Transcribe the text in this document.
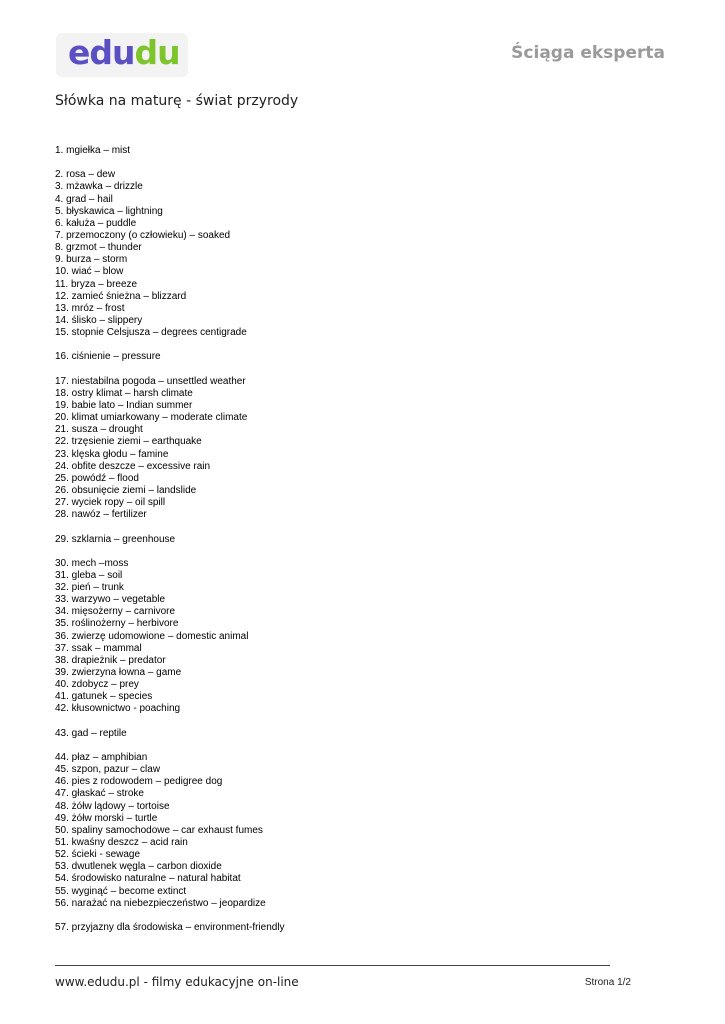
edudu	Ściąga eksperta
Słówka na maturę - świat przyrody
1. mgiełka – mist
2. rosa – dew
3. mżawka – drizzle
4. grad – hail
5. błyskawica – lightning
6. kałuża – puddle
7. przemoczony (o człowieku) – soaked
8. grzmot – thunder
9. burza – storm
10. wiać – blow
11. bryza – breeze
12. zamieć śnieżna – blizzard
13. mróz – frost
14. ślisko – slippery
15. stopnie Celsjusza – degrees centigrade
16. ciśnienie – pressure
17. niestabilna pogoda – unsettled weather
18. ostry klimat – harsh climate
19. babie lato – Indian summer
20. klimat umiarkowany – moderate climate
21. susza – drought
22. trzęsienie ziemi – earthquake
23. klęska głodu – famine
24. obfite deszcze – excessive rain
25. powódź – flood
26. obsunięcie ziemi – landslide
27. wyciek ropy – oil spill
28. nawóz – fertilizer
29. szklarnia – greenhouse
30. mech –moss
31. gleba – soil
32. pień – trunk
33. warzywo – vegetable
34. mięsożerny – carnivore
35. roślinożerny – herbivore
36. zwierzę udomowione – domestic animal
37. ssak – mammal
38. drapieżnik – predator
39. zwierzyna łowna – game
40. zdobycz – prey
41. gatunek – species
42. kłusownictwo - poaching
43. gad – reptile
44. płaz – amphibian
45. szpon, pazur – claw
46. pies z rodowodem – pedigree dog
47. głaskać – stroke
48. żółw lądowy – tortoise
49. żółw morski – turtle
50. spaliny samochodowe – car exhaust fumes
51. kwaśny deszcz – acid rain
52. ścieki - sewage
53. dwutlenek węgla – carbon dioxide
54. środowisko naturalne – natural habitat
55. wyginąć – become extinct
56. narażać na niebezpieczeństwo – jeopardize
57. przyjazny dla środowiska – environment-friendly
www.edudu.pl - filmy edukacyjne on-line	Strona 1/2
